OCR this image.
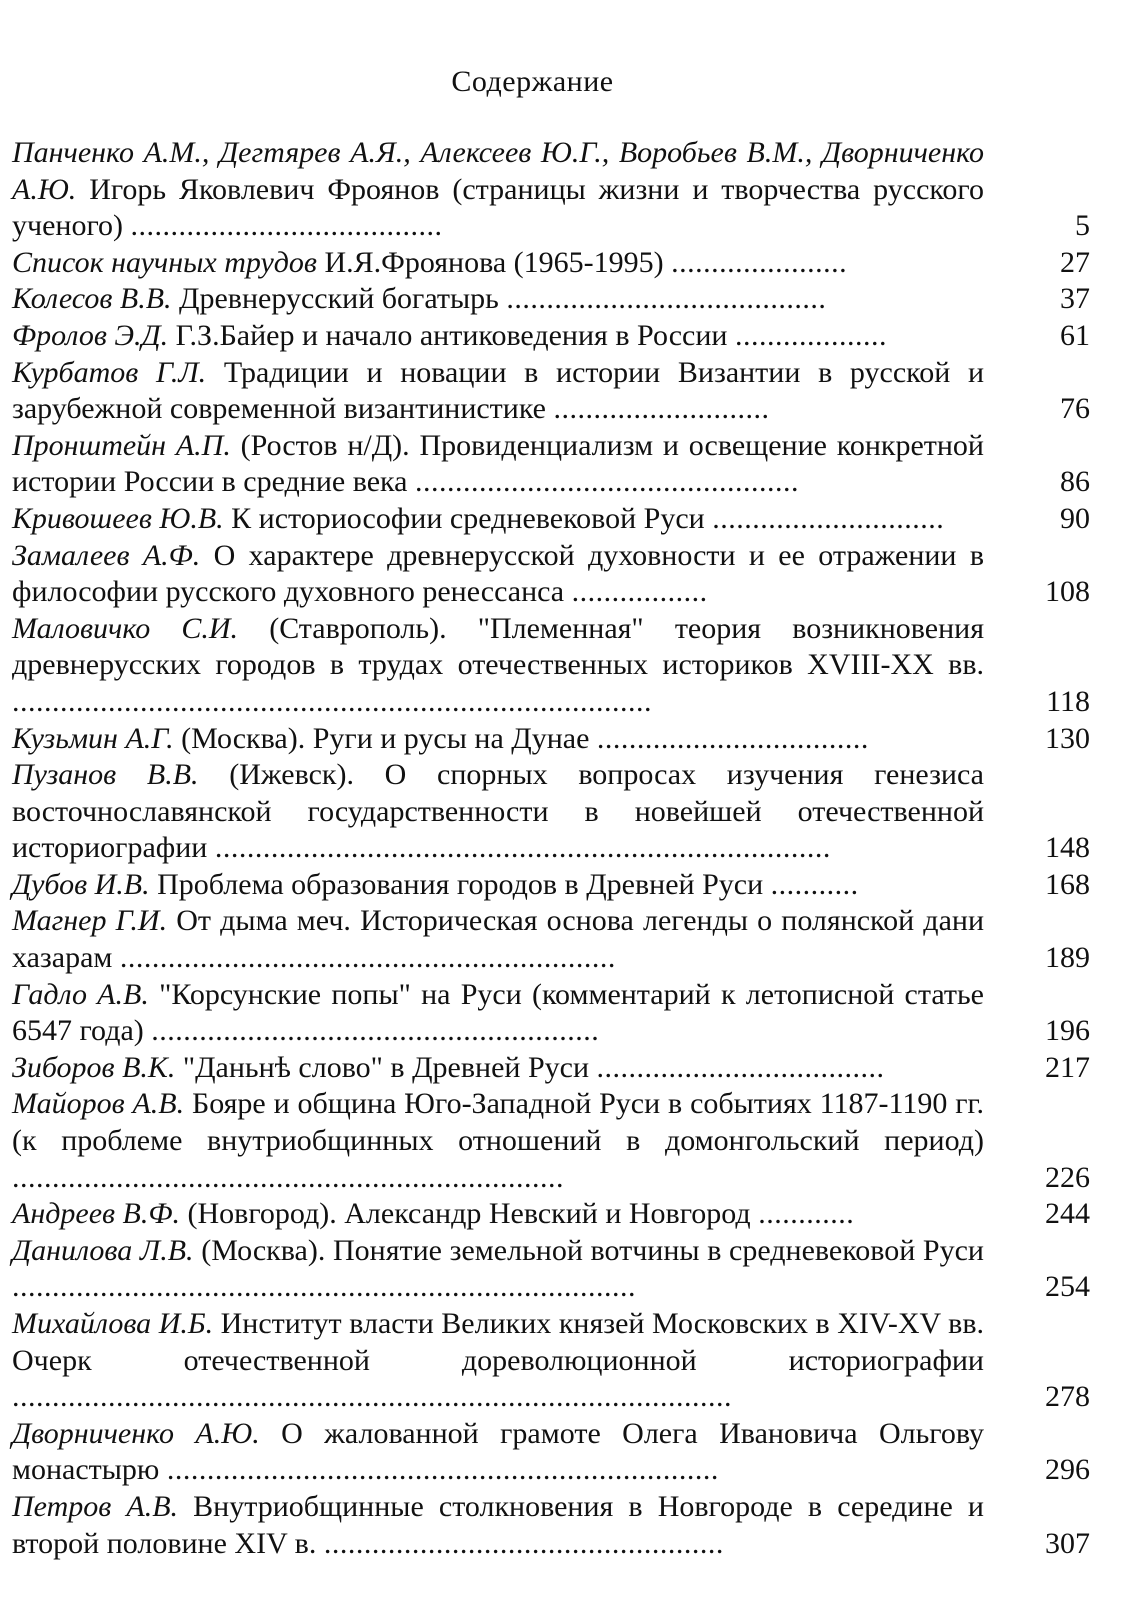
Содержание
Панченко А.М., Дегтярев А.Я., Алексеев Ю.Г., Воробьев В.М., Дворниченко А.Ю. Игорь Яковлевич Фроянов (страницы жизни и творчества русского ученого) .......................................	5
Список научных трудов И.Я.Фроянова (1965-1995) ......................	27
Колесов В.В. Древнерусский богатырь ........................................	37
Фролов Э.Д. Г.З.Байер и начало антиковедения в России ...................	61
Курбатов Г.Л. Традиции и новации в истории Византии в русской и зарубежной современной византинистике ...........................	76
Пронштейн А.П. (Ростов н/Д). Провиденциализм и освещение конкретной истории России в средние века ................................................	86
Кривошеев Ю.В. К историософии средневековой Руси .............................	90
Замалеев А.Ф. О характере древнерусской духовности и ее отражении в философии русского духовного ренессанса .................	108
Маловичко С.И. (Ставрополь). "Племенная" теория возникновения древнерусских городов в трудах отечественных историков XVIII-XX вв. ................................................................................	118
Кузьмин А.Г. (Москва). Руги и русы на Дунае ..................................	130
Пузанов В.В. (Ижевск). О спорных вопросах изучения генезиса восточнославянской государственности в новейшей отечественной историографии .............................................................................	148
Дубов И.В. Проблема образования городов в Древней Руси ...........	168
Магнер Г.И. От дыма меч. Историческая основа легенды о полянской дани хазарам ..............................................................	189
Гадло А.В. "Корсунские попы" на Руси (комментарий к летописной статье 6547 года) ........................................................	196
Зиборов В.К. "Даньнѣ слово" в Древней Руси ....................................	217
Майоров А.В. Бояре и община Юго-Западной Руси в событиях 1187-1190 гг. (к проблеме внутриобщинных отношений в домонгольский период) .....................................................................	226
Андреев В.Ф. (Новгород). Александр Невский и Новгород ............	244
Данилова Л.В. (Москва). Понятие земельной вотчины в средневековой Руси ..............................................................................	254
Михайлова И.Б. Институт власти Великих князей Московских в XIV-XV вв. Очерк отечественной дореволюционной историографии ..........................................................................................	278
Дворниченко А.Ю. О жалованной грамоте Олега Ивановича Ольгову монастырю .....................................................................	296
Петров А.В. Внутриобщинные столкновения в Новгороде в середине и второй половине XIV в. ..................................................	307
